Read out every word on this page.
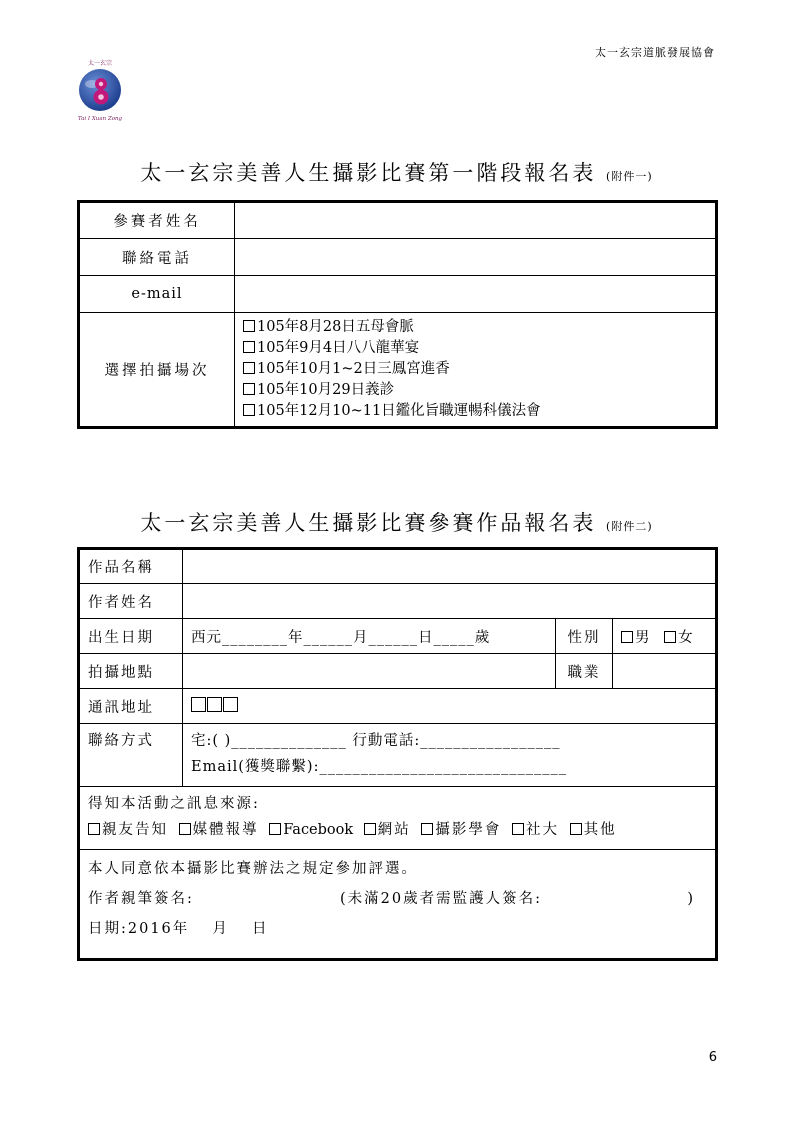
太一玄宗道脈發展協會
太一玄宗
Tai I Xuan Zong
太一玄宗美善人生攝影比賽第一階段報名表 (附件一)
參賽者姓名	
聯絡電話	
e-mail	
選擇拍攝場次	105年8月28日五母會脈
105年9月4日八八龍華宴
105年10月1~2日三鳳宮進香
105年10月29日義診
105年12月10~11日鑑化旨職運暢科儀法會
太一玄宗美善人生攝影比賽參賽作品報名表 (附件二)
作品名稱			
作者姓名			
出生日期	西元________年______月______日_____歲	性別	男 女
拍攝地點		職業	
通訊地址			
聯絡方式	宅:( )______________ 行動電話:_________________
Email(獲獎聯繫):______________________________		

得知本活動之訊息來源:
親友告知 媒體報導 Facebook 網站 攝影學會 社大 其他			

本人同意依本攝影比賽辦法之規定參加評選。
作者親筆簽名: (未滿20歲者需監護人簽名: )
日期:2016年　 月　 日			
6
